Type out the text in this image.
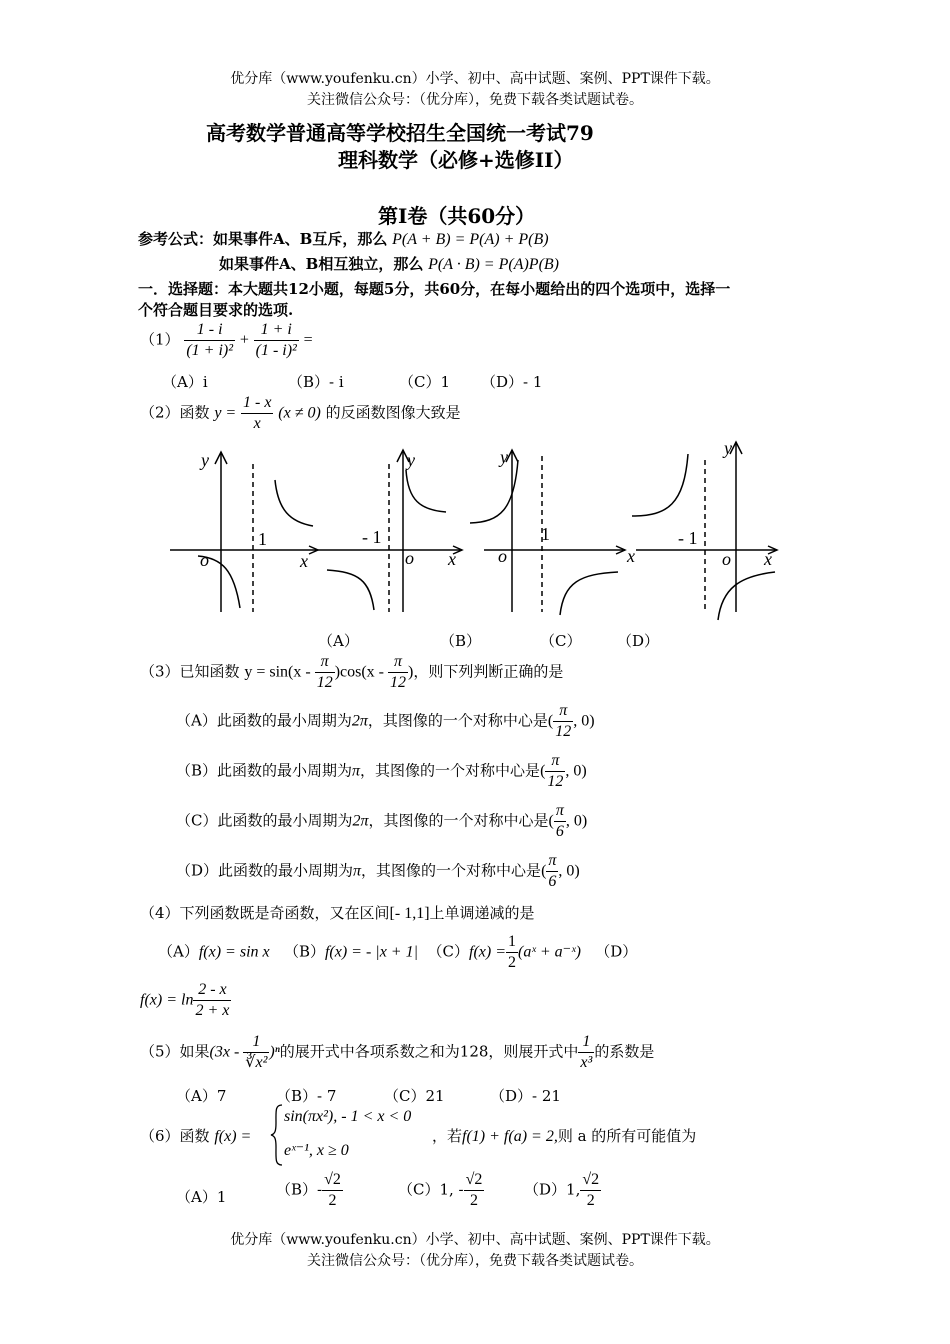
优分库（www.youfenku.cn）小学、初中、高中试题、案例、PPT课件下载。
关注微信公众号：（优分库），免费下载各类试题试卷。
高考数学普通高等学校招生全国统一考试79
理科数学（必修+选修II）
第Ⅰ卷（共60分）
参考公式：如果事件A、B互斥，那么 P(A + B) = P(A) + P(B)
如果事件A、B相互独立，那么 P(A · B) = P(A)P(B)
一．选择题：本大题共12小题，每题5分，共60分，在每小题给出的四个选项中，选择一
个符合题目要求的选项.
$(1) \frac{1 - i}{\text{(1 + i)²}} + \frac{1 + i}{\text{(1 - i)²}}$ =
（A）i	（B）- i	（C）1 （D）- 1
（2）函数 $y = \frac{1 - x}{x} (x \ne 0)$ 的反函数图像大致是
y
o	x
1
y
o x
- 1
y
o	x
1
y
o x
- 1
（A）	（B）	（C） （D）
（3）已知函数 $y = \sin(x - \frac{\pi}{12} )\cos(x - \frac{\pi}{12}$ )，则下列判断正确的是
（A）此函数的最小周期为2π，其图像的一个对称中心是( $\frac{\pi}{12}$ , 0)
（B）此函数的最小周期为π，其图像的一个对称中心是( $\frac{\pi}{12}$ , 0)
（C）此函数的最小周期为2π，其图像的一个对称中心是( $\frac{\pi}{6}$ , 0)
（D）此函数的最小周期为π，其图像的一个对称中心是( $\frac{\pi}{6}$ , 0)
（4）下列函数既是奇函数，又在区间[- 1,1]上单调递减的是
（A）f(x) = sin x （B）f(x) = - |x + 1| $(C)f(x) = \frac{1}{2}$ (aˣ + a⁻ˣ) （D）
$f(x) = \ln \frac{2 - x}{2 + x}$
（5）如果$(3x - \frac{1}{\text{∛x²}} )^n$的展开式中各项系数之和为128，则展开式中 $\frac{1}{\text{x³}}$ 的系数是
（A）7	（B）- 7	（C）21	（D）- 21
（6）函数 f(x) =
sin(πx²), - 1 < x < 0
eˣ⁻¹, x ≥ 0
，若f(1) + f(a) = 2,则 a 的所有可能值为
（A）1	$(B)- \frac{√2}{2}$	（C）1, - $\frac{√2}{2}$	（D）1, $\frac{√2}{2}$
优分库（www.youfenku.cn）小学、初中、高中试题、案例、PPT课件下载。
关注微信公众号：（优分库），免费下载各类试题试卷。
